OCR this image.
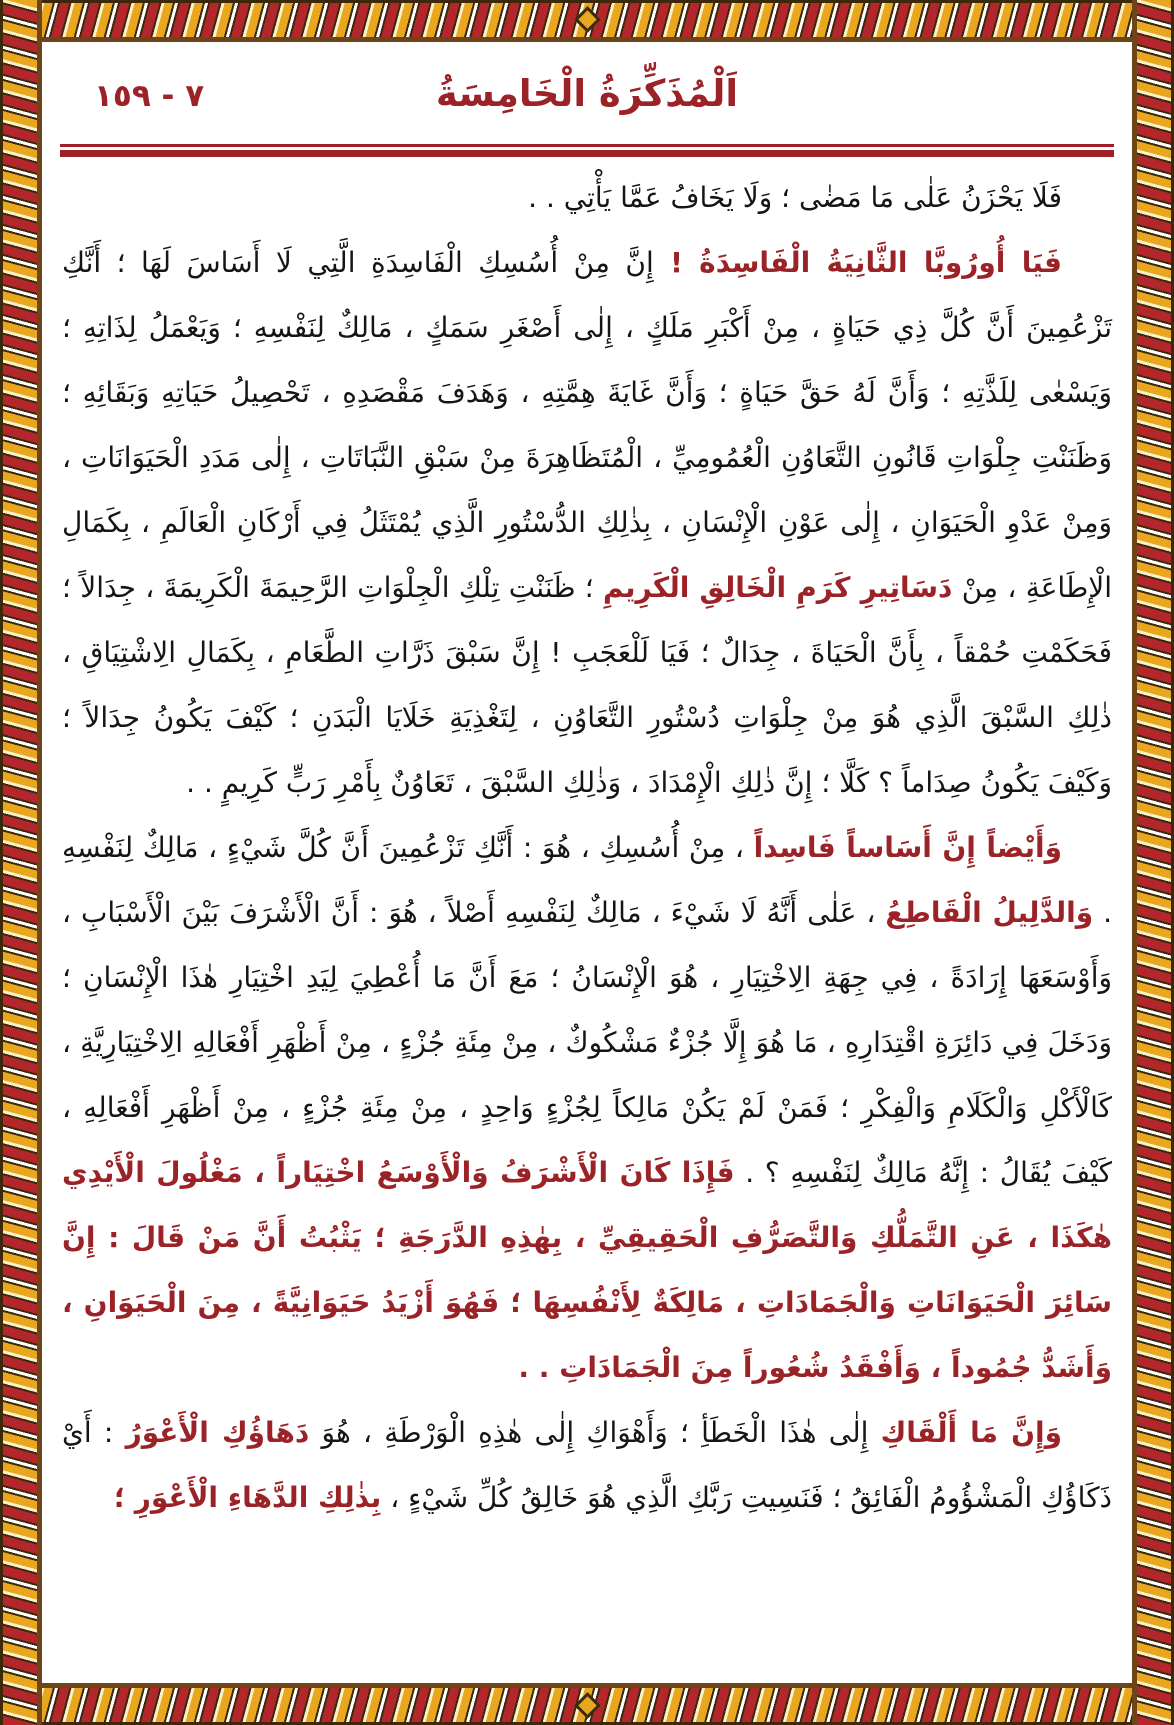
٧ - ١٥٩	اَلْمُذَكِّرَةُ الْخَامِسَةُ

فَلَا يَحْزَنُ عَلٰى مَا مَضٰى ؛ وَلَا يَخَافُ عَمَّا يَأْتِي . .

فَيَا أُورُوبَّا الثَّانِيَةُ الْفَاسِدَةُ ! إِنَّ مِنْ أُسُسِكِ الْفَاسِدَةِ الَّتِي لَا أَسَاسَ لَهَا ؛ أَنَّكِ تَزْعُمِينَ أَنَّ كُلَّ ذِي حَيَاةٍ ، مِنْ أَكْبَرِ مَلَكٍ ، إِلٰى أَصْغَرِ سَمَكٍ ، مَالِكٌ لِنَفْسِهِ ؛ وَيَعْمَلُ لِذَاتِهِ ؛ وَيَسْعٰى لِلَذَّتِهِ ؛ وَأَنَّ لَهُ حَقَّ حَيَاةٍ ؛ وَأَنَّ غَايَةَ هِمَّتِهِ ، وَهَدَفَ مَقْصَدِهِ ، تَحْصِيلُ حَيَاتِهِ وَبَقَائِهِ ؛ وَظَنَنْتِ جِلْوَاتِ قَانُونِ التَّعَاوُنِ الْعُمُومِيِّ ، الْمُتَظَاهِرَةَ مِنْ سَبْقِ النَّبَاتَاتِ ، إِلٰى مَدَدِ الْحَيَوَانَاتِ ، وَمِنْ عَدْوِ الْحَيَوَانِ ، إِلٰى عَوْنِ الْإِنْسَانِ ، بِذٰلِكِ الدُّسْتُورِ الَّذِي يُمْتَثَلُ فِي أَرْكَانِ الْعَالَمِ ، بِكَمَالِ الْإِطَاعَةِ ، مِنْ دَسَاتِيرِ كَرَمِ الْخَالِقِ الْكَرِيمِ ؛ ظَنَنْتِ تِلْكِ الْجِلْوَاتِ الرَّحِيمَةَ الْكَرِيمَةَ ، جِدَالاً ؛ فَحَكَمْتِ حُمْقاً ، بِأَنَّ الْحَيَاةَ ، جِدَالٌ ؛ فَيَا لَلْعَجَبِ ! إِنَّ سَبْقَ ذَرَّاتِ الطَّعَامِ ، بِكَمَالِ الِاشْتِيَاقِ ، ذٰلِكِ السَّبْقَ الَّذِي هُوَ مِنْ جِلْوَاتِ دُسْتُورِ التَّعَاوُنِ ، لِتَغْذِيَةِ خَلَايَا الْبَدَنِ ؛ كَيْفَ يَكُونُ جِدَالاً ؛ وَكَيْفَ يَكُونُ صِدَاماً ؟ كَلَّا ؛ إِنَّ ذٰلِكِ الْإِمْدَادَ ، وَذٰلِكِ السَّبْقَ ، تَعَاوُنٌ بِأَمْرِ رَبٍّ كَرِيمٍ . .

وَأَيْضاً إِنَّ أَسَاساً فَاسِداً ، مِنْ أُسُسِكِ ، هُوَ : أَنَّكِ تَزْعُمِينَ أَنَّ كُلَّ شَيْءٍ ، مَالِكٌ لِنَفْسِهِ . وَالدَّلِيلُ الْقَاطِعُ ، عَلٰى أَنَّهُ لَا شَيْءَ ، مَالِكٌ لِنَفْسِهِ أَصْلاً ، هُوَ : أَنَّ الْأَشْرَفَ بَيْنَ الْأَسْبَابِ ، وَأَوْسَعَهَا إِرَادَةً ، فِي جِهَةِ الِاخْتِيَارِ ، هُوَ الْإِنْسَانُ ؛ مَعَ أَنَّ مَا أُعْطِيَ لِيَدِ اخْتِيَارِ هٰذَا الْإِنْسَانِ ؛ وَدَخَلَ فِي دَائِرَةِ اقْتِدَارِهِ ، مَا هُوَ إِلَّا جُزْءٌ مَشْكُوكٌ ، مِنْ مِئَةِ جُزْءٍ ، مِنْ أَظْهَرِ أَفْعَالِهِ الِاخْتِيَارِيَّةِ ، كَالْأَكْلِ وَالْكَلَامِ وَالْفِكْرِ ؛ فَمَنْ لَمْ يَكُنْ مَالِكاً لِجُزْءٍ وَاحِدٍ ، مِنْ مِئَةِ جُزْءٍ ، مِنْ أَظْهَرِ أَفْعَالِهِ ، كَيْفَ يُقَالُ : إِنَّهُ مَالِكٌ لِنَفْسِهِ ؟ . فَإِذَا كَانَ الْأَشْرَفُ وَالْأَوْسَعُ اخْتِيَاراً ، مَغْلُولَ الْأَيْدِي هٰكَذَا ، عَنِ التَّمَلُّكِ وَالتَّصَرُّفِ الْحَقِيقِيِّ ، بِهٰذِهِ الدَّرَجَةِ ؛ يَثْبُتُ أَنَّ مَنْ قَالَ : إِنَّ سَائِرَ الْحَيَوَانَاتِ وَالْجَمَادَاتِ ، مَالِكَةٌ لِأَنْفُسِهَا ؛ فَهُوَ أَزْيَدُ حَيَوَانِيَّةً ، مِنَ الْحَيَوَانِ ، وَأَشَدُّ جُمُوداً ، وَأَفْقَدُ شُعُوراً مِنَ الْجَمَادَاتِ . .

وَإِنَّ مَا أَلْقَاكِ إِلٰى هٰذَا الْخَطَأِ ؛ وَأَهْوَاكِ إِلٰى هٰذِهِ الْوَرْطَةِ ، هُوَ دَهَاؤُكِ الْأَعْوَرُ : أَيْ ذَكَاؤُكِ الْمَشْؤُومُ الْفَائِقُ ؛ فَنَسِيتِ رَبَّكِ الَّذِي هُوَ خَالِقُ كُلِّ شَيْءٍ ، بِذٰلِكِ الدَّهَاءِ الْأَعْوَرِ ؛
